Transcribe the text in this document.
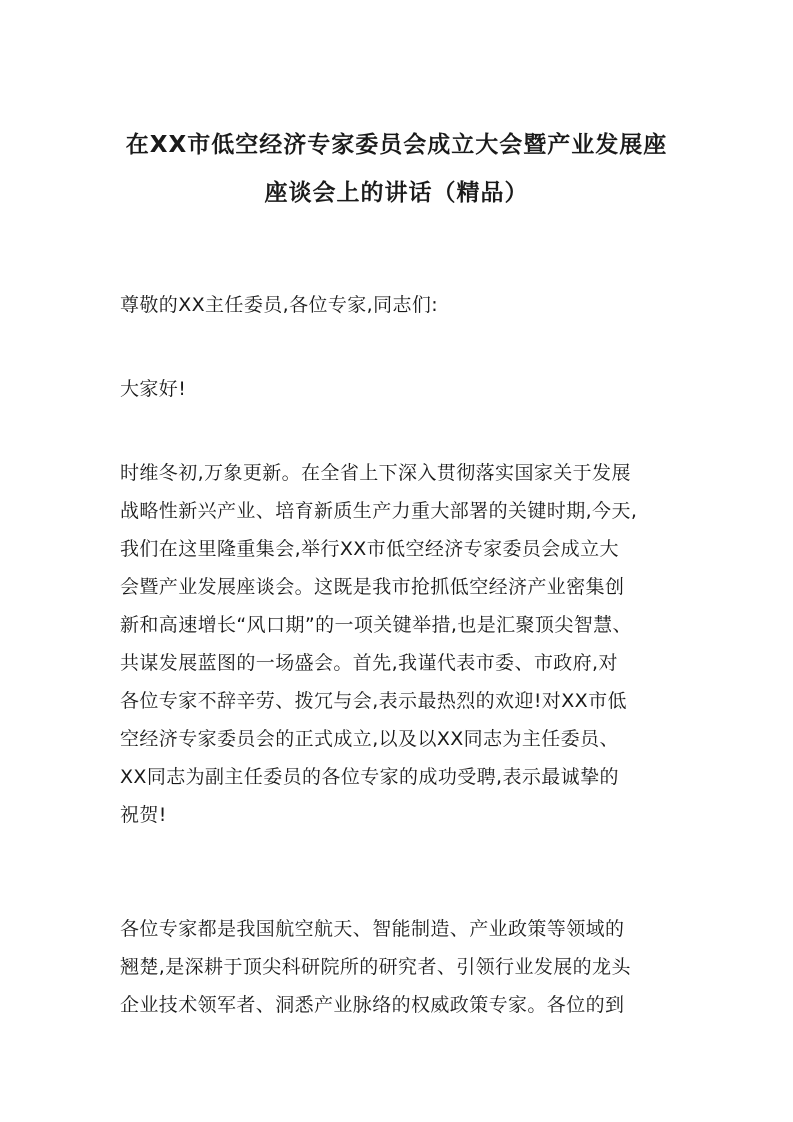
在XX市低空经济专家委员会成立大会暨产业发展座
座谈会上的讲话（精品）
尊敬的XX主任委员,各位专家,同志们:
大家好!
时维冬初,万象更新。在全省上下深入贯彻落实国家关于发展
战略性新兴产业、培育新质生产力重大部署的关键时期,今天,
我们在这里隆重集会,举行XX市低空经济专家委员会成立大
会暨产业发展座谈会。这既是我市抢抓低空经济产业密集创
新和高速增长“风口期”的一项关键举措,也是汇聚顶尖智慧、
共谋发展蓝图的一场盛会。首先,我谨代表市委、市政府,对
各位专家不辞辛劳、拨冗与会,表示最热烈的欢迎!对XX市低
空经济专家委员会的正式成立,以及以XX同志为主任委员、
XX同志为副主任委员的各位专家的成功受聘,表示最诚挚的
祝贺!
各位专家都是我国航空航天、智能制造、产业政策等领域的
翘楚,是深耕于顶尖科研院所的研究者、引领行业发展的龙头
企业技术领军者、洞悉产业脉络的权威政策专家。各位的到
